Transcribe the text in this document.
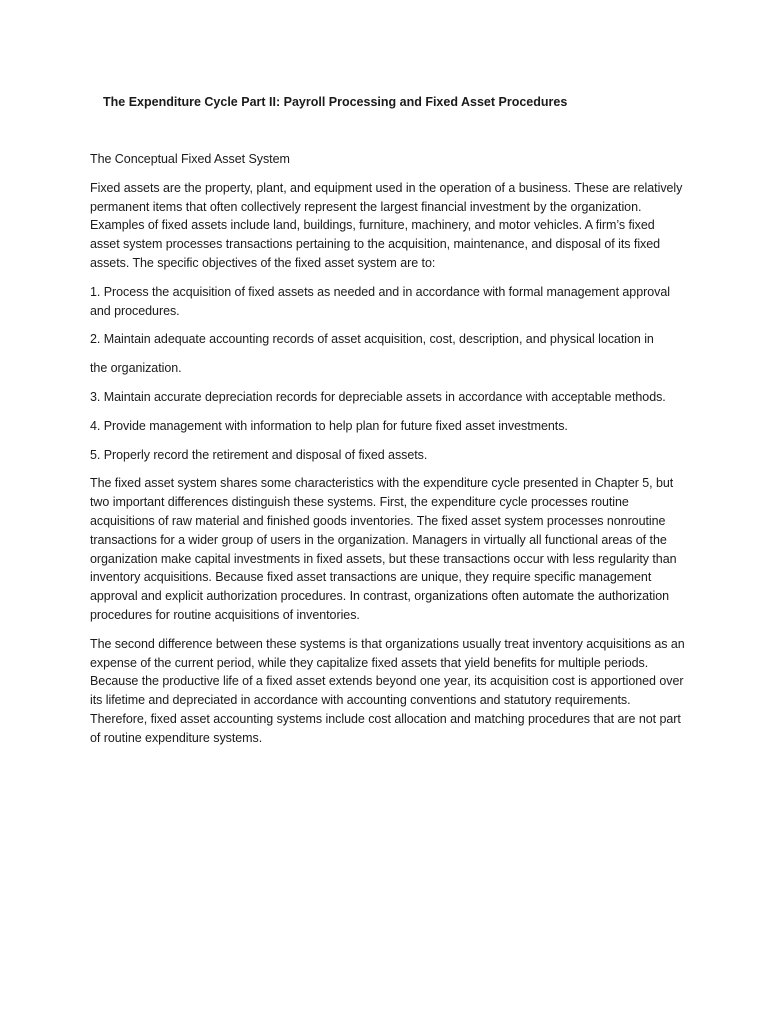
The Expenditure Cycle Part II: Payroll Processing and Fixed Asset Procedures
The Conceptual Fixed Asset System

Fixed assets are the property, plant, and equipment used in the operation of a business. These are relatively permanent items that often collectively represent the largest financial investment by the organization. Examples of fixed assets include land, buildings, furniture, machinery, and motor vehicles. A firm’s fixed asset system processes transactions pertaining to the acquisition, maintenance, and disposal of its fixed assets. The specific objectives of the fixed asset system are to:

1. Process the acquisition of fixed assets as needed and in accordance with formal management approval and procedures.

2. Maintain adequate accounting records of asset acquisition, cost, description, and physical location in

the organization.

3. Maintain accurate depreciation records for depreciable assets in accordance with acceptable methods.

4. Provide management with information to help plan for future fixed asset investments.

5. Properly record the retirement and disposal of fixed assets.

The fixed asset system shares some characteristics with the expenditure cycle presented in Chapter 5, but two important differences distinguish these systems. First, the expenditure cycle processes routine acquisitions of raw material and finished goods inventories. The fixed asset system processes nonroutine transactions for a wider group of users in the organization. Managers in virtually all functional areas of the organization make capital investments in fixed assets, but these transactions occur with less regularity than inventory acquisitions. Because fixed asset transactions are unique, they require specific management approval and explicit authorization procedures. In contrast, organizations often automate the authorization procedures for routine acquisitions of inventories.

The second difference between these systems is that organizations usually treat inventory acquisitions as an expense of the current period, while they capitalize fixed assets that yield benefits for multiple periods. Because the productive life of a fixed asset extends beyond one year, its acquisition cost is apportioned over its lifetime and depreciated in accordance with accounting conventions and statutory requirements. Therefore, fixed asset accounting systems include cost allocation and matching procedures that are not part of routine expenditure systems.
